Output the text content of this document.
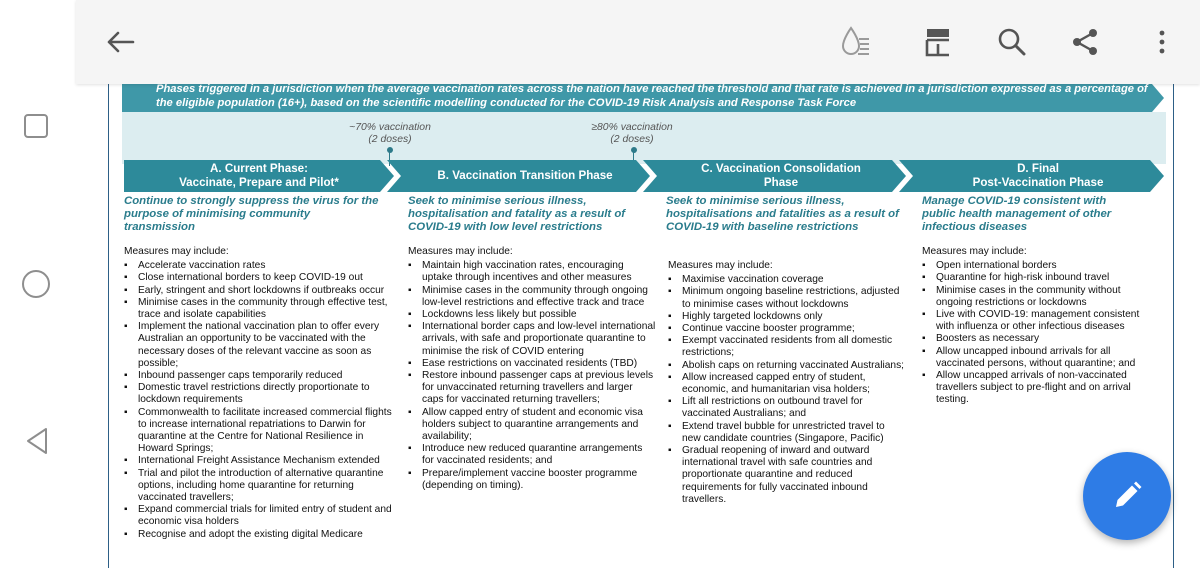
Phases triggered in a jurisdiction when the average vaccination rates across the nation have reached the threshold and that rate is achieved in a jurisdiction expressed as a percentage of the eligible population (16+), based on the scientific modelling conducted for the COVID-19 Risk Analysis and Response Task Force
~70% vaccination
(2 doses)
≥80% vaccination
(2 doses)
A. Current Phase:
Vaccinate, Prepare and Pilot*
B. Vaccination Transition Phase
C. Vaccination Consolidation
Phase
D. Final
Post-Vaccination Phase
Continue to strongly suppress the virus for the purpose of minimising community transmission
Seek to minimise serious illness, hospitalisation and fatality as a result of COVID-19 with low level restrictions
Seek to minimise serious illness, hospitalisations and fatalities as a result of COVID-19 with baseline restrictions
Manage COVID-19 consistent with public health management of other infectious diseases
Measures may include:
▪ Accelerate vaccination rates
▪ Close international borders to keep COVID-19 out
▪ Early, stringent and short lockdowns if outbreaks occur
▪ Minimise cases in the community through effective test, trace and isolate capabilities
▪ Implement the national vaccination plan to offer every Australian an opportunity to be vaccinated with the necessary doses of the relevant vaccine as soon as possible;
▪ Inbound passenger caps temporarily reduced
▪ Domestic travel restrictions directly proportionate to lockdown requirements
▪ Commonwealth to facilitate increased commercial flights to increase international repatriations to Darwin for quarantine at the Centre for National Resilience in Howard Springs;
▪ International Freight Assistance Mechanism extended
▪ Trial and pilot the introduction of alternative quarantine options, including home quarantine for returning vaccinated travellers;
▪ Expand commercial trials for limited entry of student and economic visa holders
▪ Recognise and adopt the existing digital Medicare
Measures may include:
▪ Maintain high vaccination rates, encouraging uptake through incentives and other measures
▪ Minimise cases in the community through ongoing low-level restrictions and effective track and trace
▪ Lockdowns less likely but possible
▪ International border caps and low-level international arrivals, with safe and proportionate quarantine to minimise the risk of COVID entering
▪ Ease restrictions on vaccinated residents (TBD)
▪ Restore inbound passenger caps at previous levels for unvaccinated returning travellers and larger caps for vaccinated returning travellers;
▪ Allow capped entry of student and economic visa holders subject to quarantine arrangements and availability;
▪ Introduce new reduced quarantine arrangements for vaccinated residents; and
▪ Prepare/implement vaccine booster programme (depending on timing).
Measures may include:
▪ Maximise vaccination coverage
▪ Minimum ongoing baseline restrictions, adjusted to minimise cases without lockdowns
▪ Highly targeted lockdowns only
▪ Continue vaccine booster programme;
▪ Exempt vaccinated residents from all domestic restrictions;
▪ Abolish caps on returning vaccinated Australians;
▪ Allow increased capped entry of student, economic, and humanitarian visa holders;
▪ Lift all restrictions on outbound travel for vaccinated Australians; and
▪ Extend travel bubble for unrestricted travel to new candidate countries (Singapore, Pacific)
▪ Gradual reopening of inward and outward international travel with safe countries and proportionate quarantine and reduced requirements for fully vaccinated inbound travellers.
Measures may include:
▪ Open international borders
▪ Quarantine for high-risk inbound travel
▪ Minimise cases in the community without ongoing restrictions or lockdowns
▪ Live with COVID-19: management consistent with influenza or other infectious diseases
▪ Boosters as necessary
▪ Allow uncapped inbound arrivals for all vaccinated persons, without quarantine; and
▪ Allow uncapped arrivals of non-vaccinated travellers subject to pre-flight and on arrival testing.
